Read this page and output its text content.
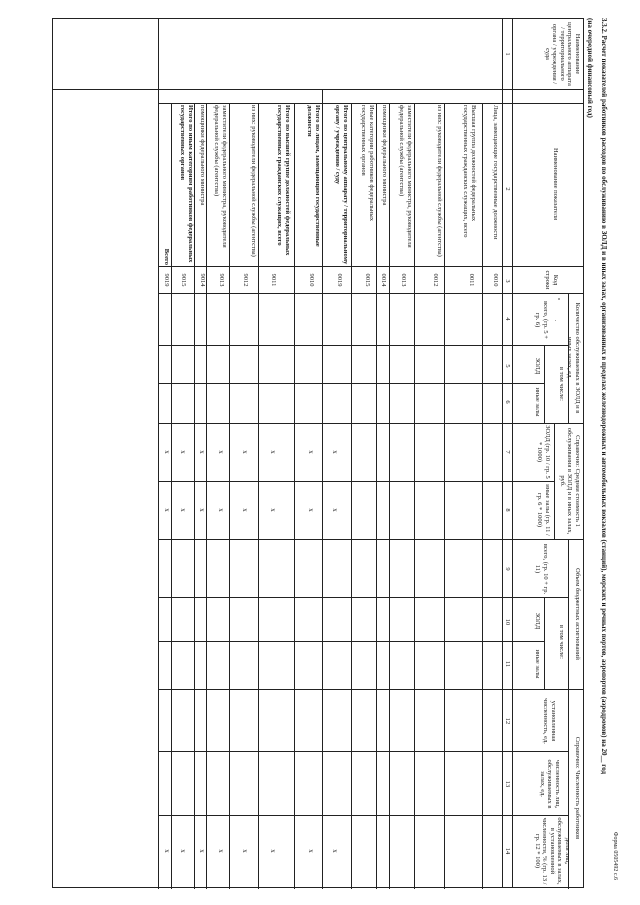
Форма 0505492 с.6
3.3.2. Расчет показателей работников расходов по обслуживанию в ЗОЛД и в иных залах, организованных в пределах железнодорожных и автомобильных вокзалов (станций), морских и речных портов, аэропортов (аэродромов) на 20__ год
(на очередной финансовый год)
Наименование центрального аппарата / территориального органа / учреждения / суда
1
Наименование показателя
Код строки
Количество обслуживаемых в ЗОЛД и в иных залах, ед.
всего, (гр. 5 + гр. 6)
в том числе:
ЗОЛД
иные залы
Справочно: Средняя стоимость 1 обслуживания в ЗОЛД и в иных залах, руб.
ЗОЛД (гр. 10 / гр. 5 * 1000)
иные залы (гр. 11 / гр. 6 * 1000)
Объем бюджетных ассигнований
всего, (гр. 10 + гр. 11)
в том числе:
ЗОЛД
иные залы
Справочно: Численность работников
установленная численность, ед.
численность лиц, обслуживаемых в залах, ед.
доля лиц, обслуживаемых в залах, в установленной численности, % (гр. 13 / гр. 12 * 100)
2
3
4
5
6
7
8
9
10
11
12
13
14
Лица, замещающие государственные должности
0010
Высшая группа должностей федеральных государственных гражданских служащих, всего
0011
из них: руководители федеральной службы (агентства)
0012
заместители федерального министра, руководителя федеральной службы (агентства)
0013
помощники федерального министра
0014
Иные категории работников федеральных государственных органов
0015
Итого по центральному аппарату / территориальному органу / учреждению / суду
0019
Итого по лицам, замещающим государственные должности
9010
Итого по высшей группе должностей федеральных государственных гражданских служащих, всего
9011
из них: руководители федеральной службы (агентства)
9012
заместители федерального министра, руководителя федеральной службы (агентства)
9013
помощники федерального министра
9014
Итого по иным категориям работников федеральных государственных органов
9015
Всего
9019
x
x
x
x
x
x
x
x
x
x
x
x
x
x
x
x
x
x
x
x
x
x
x
x
